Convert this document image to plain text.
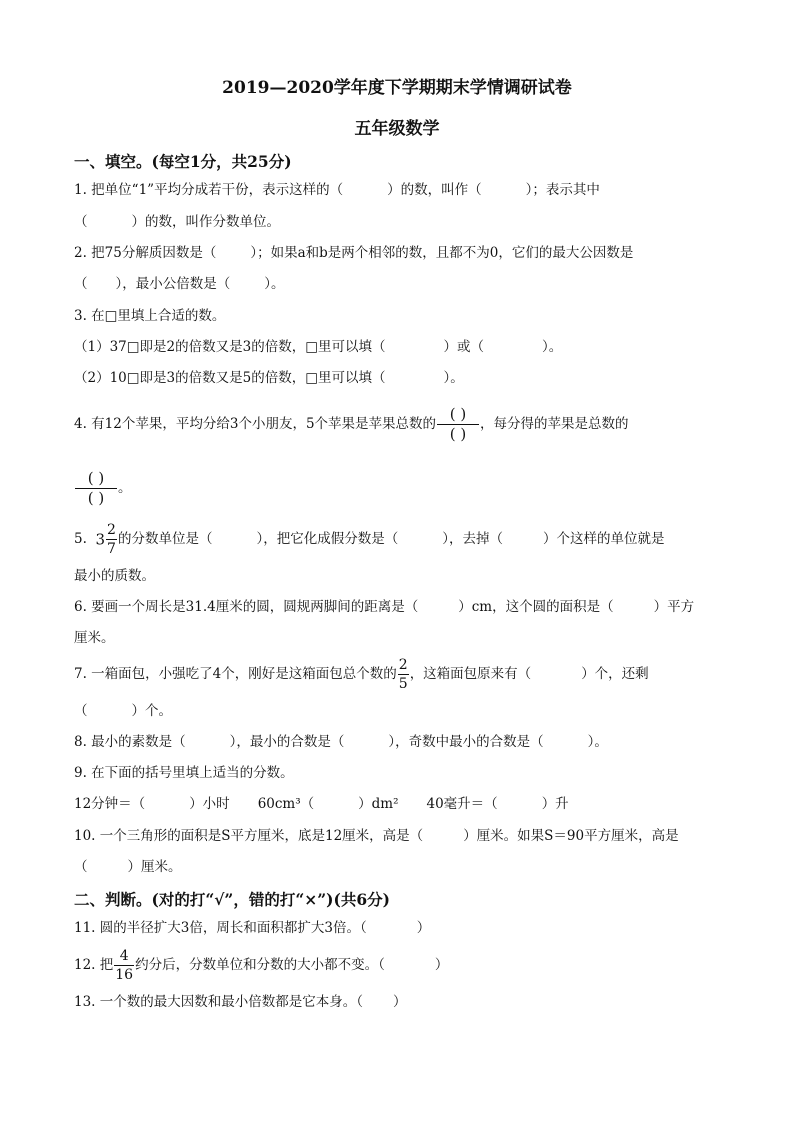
2019—2020学年度下学期期末学情调研试卷
五年级数学
一、填空。(每空1分，共25分)
1. 把单位“1”平均分成若干份，表示这样的（	）的数，叫作（	）；表示其中
（	）的数，叫作分数单位。
2. 把75分解质因数是（	）；如果a和b是两个相邻的数，且都不为0，它们的最大公因数是
（ ），最小公倍数是（	）。
3. 在□里填上合适的数。
（1）37□即是2的倍数又是3的倍数，□里可以填（	）或（	）。
（2）10□即是3的倍数又是5的倍数，□里可以填（	）。
4. 有12个苹果，平均分给3个小朋友，5个苹果是苹果总数的 $\frac{( )}{( )}$ ，每分得的苹果是总数的
$\frac{( )}{( )}$ 。
5. $3 \frac{2}{7}$ 的分数单位是（	），把它化成假分数是（	），去掉（	）个这样的单位就是
最小的质数。
6. 要画一个周长是31.4厘米的圆，圆规两脚间的距离是（	）cm，这个圆的面积是（	）平方
厘米。
7. 一箱面包，小强吃了4个，刚好是这箱面包总个数的 $\frac{2}{5}$ ，这箱面包原来有（	）个，还剩
（	）个。
8. 最小的素数是（	），最小的合数是（	），奇数中最小的合数是（	）。
9. 在下面的括号里填上适当的分数。
12分钟＝（	）小时 60cm³（	）dm² 40毫升＝（	）升
10. 一个三角形的面积是S平方厘米，底是12厘米，高是（	）厘米。如果S＝90平方厘米，高是
（	）厘米。
二、判断。(对的打“√”，错的打“×”)(共6分)
11. 圆的半径扩大3倍，周长和面积都扩大3倍。（	）
12. 把 $\frac{4}{16}$ 约分后，分数单位和分数的大小都不变。（	）
13. 一个数的最大因数和最小倍数都是它本身。（ ）
